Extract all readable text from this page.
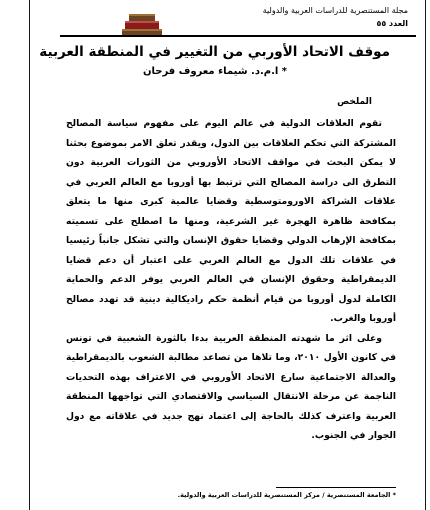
مجلة المستنصرية للدراسات العربية والدولية
العدد ٥٥
موقف الاتحاد الأوربي من التغيير في المنطقة العربية
* ا.م.د. شيماء معروف فرحان
الملخص

تقوم العلاقات الدولية في عالم اليوم على مفهوم سياسة المصالح المشتركة التي تحكم العلاقات بين الدول، ويقدر تعلق الامر بموضوع بحثنا لا يمكن البحث في مواقف الاتحاد الأوروبي من الثورات العربية دون التطرق الى دراسة المصالح التي ترتبط بها أوروبا مع العالم العربي في علاقات الشراكة الاورومتوسطية وقضايا عالمية كبرى منها ما يتعلق بمكافحة ظاهرة الهجرة غير الشرعية، ومنها ما اصطلح على تسميته بمكافحة الإرهاب الدولي وقضايا حقوق الإنسان والتي تشكل جانباً رئيسيا في علاقات تلك الدول مع العالم العربي على اعتبار أن دعم قضايا الديمقراطية وحقوق الإنسان في العالم العربي يوفر الدعم والحماية الكاملة لدول أوروبا من قيام أنظمة حكم راديكالية دينية قد تهدد مصالح أوروبا والغرب.

وعلى اثر ما شهدته المنطقة العربية بدءا بالثورة الشعبية في تونس في كانون الأول ٢٠١٠، وما تلاها من تصاعد مطالبة الشعوب بالديمقراطية والعدالة الاجتماعية سارع الاتحاد الأوروبي في الاعتراف بهذه التحديات الناجمة عن مرحلة الانتقال السياسي والاقتصادي التي تواجهها المنطقة العربية واعترف كذلك بالحاجة إلى اعتماد نهج جديد في علاقاته مع دول الجوار في الجنوب.

* الجامعة المستنصرية / مركز المستنصرية للدراسات العربية والدولية.
